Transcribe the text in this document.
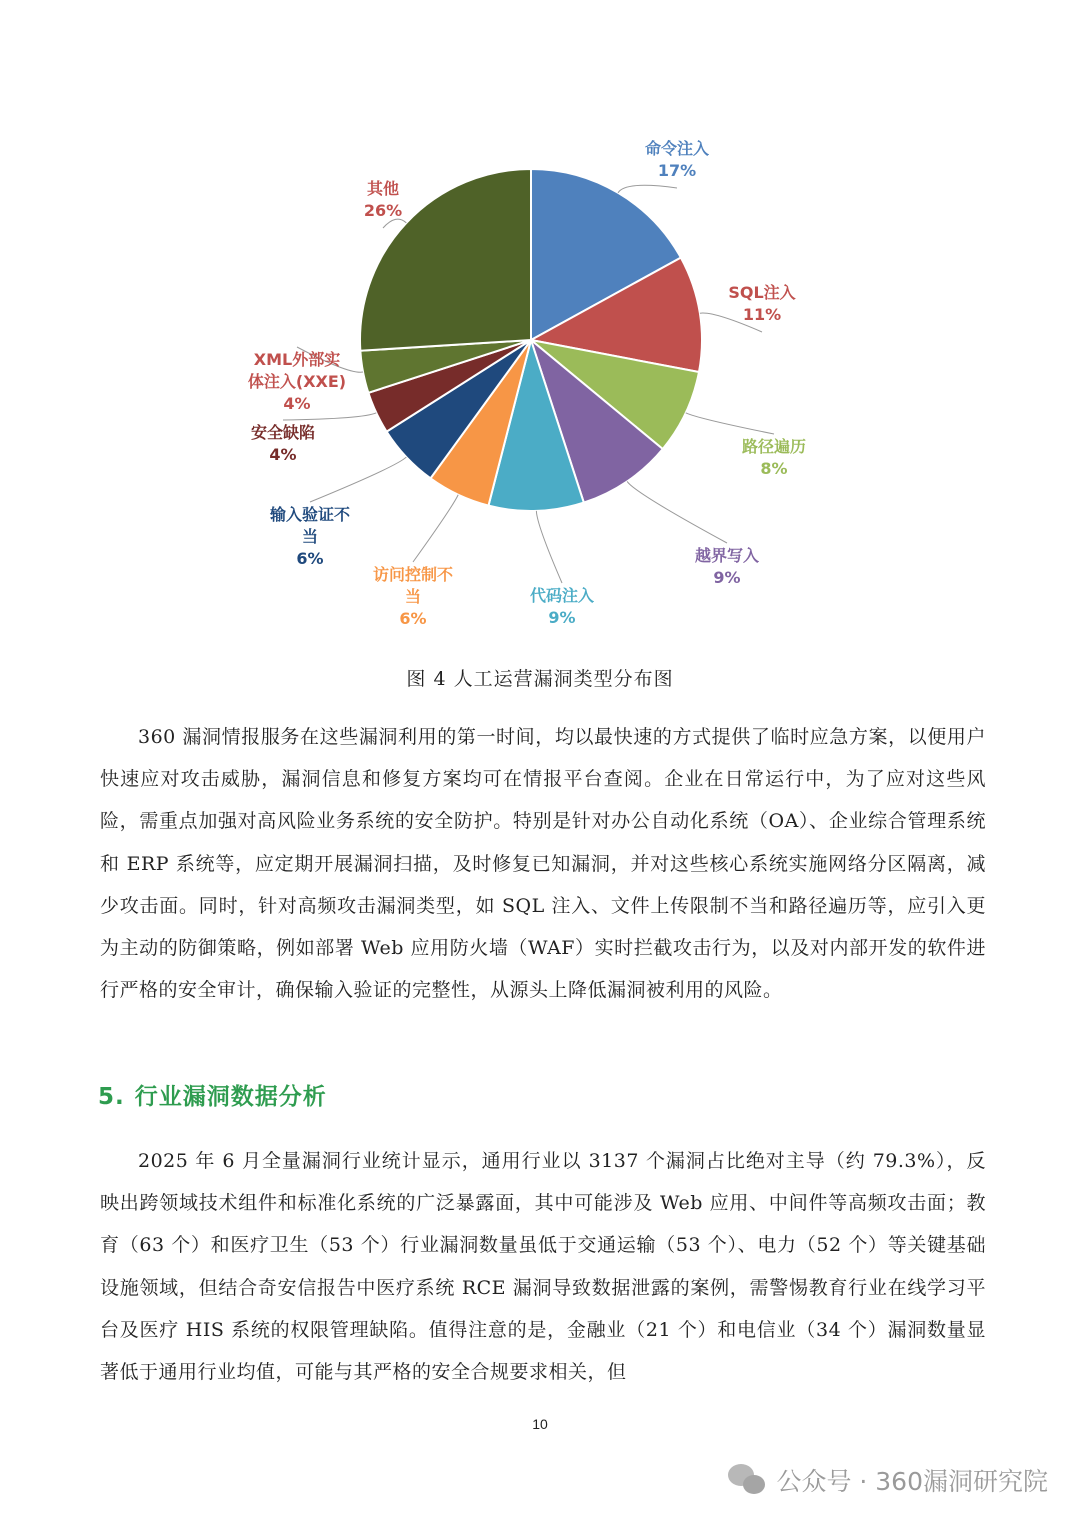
命令注入 17%
SQL注入 11%
路径遍历 8%
越界写入 9%
代码注入 9%
访问控制不当 6%
输入验证不当 6%
安全缺陷 4%
XML外部实体注入(XXE) 4%
其他 26%
图 4 人工运营漏洞类型分布图

360 漏洞情报服务在这些漏洞利用的第一时间，均以最快速的方式提供了临时应急方案，以便用户快速应对攻击威胁，漏洞信息和修复方案均可在情报平台查阅。企业在日常运行中，为了应对这些风险，需重点加强对高风险业务系统的安全防护。特别是针对办公自动化系统（OA）、企业综合管理系统和 ERP 系统等，应定期开展漏洞扫描，及时修复已知漏洞，并对这些核心系统实施网络分区隔离，减少攻击面。同时，针对高频攻击漏洞类型，如 SQL 注入、文件上传限制不当和路径遍历等，应引入更为主动的防御策略，例如部署 Web 应用防火墙（WAF）实时拦截攻击行为，以及对内部开发的软件进行严格的安全审计，确保输入验证的完整性，从源头上降低漏洞被利用的风险。

5. 行业漏洞数据分析

2025 年 6 月全量漏洞行业统计显示，通用行业以 3137 个漏洞占比绝对主导（约 79.3%），反映出跨领域技术组件和标准化系统的广泛暴露面，其中可能涉及 Web 应用、中间件等高频攻击面；教育（63 个）和医疗卫生（53 个）行业漏洞数量虽低于交通运输（53 个）、电力（52 个）等关键基础设施领域，但结合奇安信报告中医疗系统 RCE 漏洞导致数据泄露的案例，需警惕教育行业在线学习平台及医疗 HIS 系统的权限管理缺陷。值得注意的是，金融业（21 个）和电信业（34 个）漏洞数量显著低于通用行业均值，可能与其严格的安全合规要求相关，但

10
公众号 · 360漏洞研究院
